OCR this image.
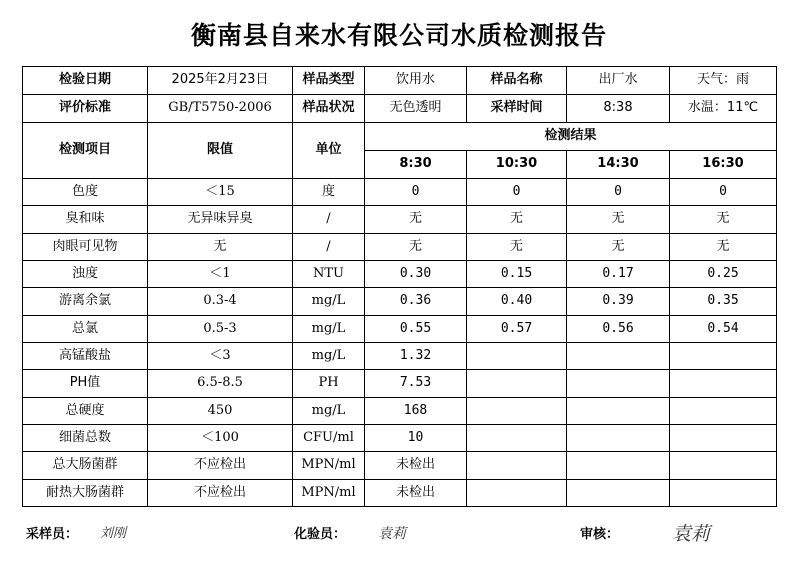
衡南县自来水有限公司水质检测报告
检验日期	2025年2月23日	样品类型	饮用水	样品名称	出厂水	天气：雨
评价标准	GB/T5750-2006	样品状况	无色透明	采样时间	8:38	水温：11℃
检测项目	限值	单位	检测结果			
			8:30	10:30	14:30	16:30
色度	＜15	度	0	0	0	0
臭和味	无异味异臭	/	无	无	无	无
肉眼可见物	无	/	无	无	无	无
浊度	＜1	NTU	0.30	0.15	0.17	0.25
游离余氯	0.3-4	mg/L	0.36	0.40	0.39	0.35
总氯	0.5-3	mg/L	0.55	0.57	0.56	0.54
高锰酸盐	＜3	mg/L	1.32			
PH值	6.5-8.5	PH	7.53			
总硬度	450	mg/L	168			
细菌总数	＜100	CFU/ml	10			
总大肠菌群	不应检出	MPN/ml	未检出			
耐热大肠菌群	不应检出	MPN/ml	未检出			
采样员： 刘刚	化验员： 袁莉	审核：	袁莉
